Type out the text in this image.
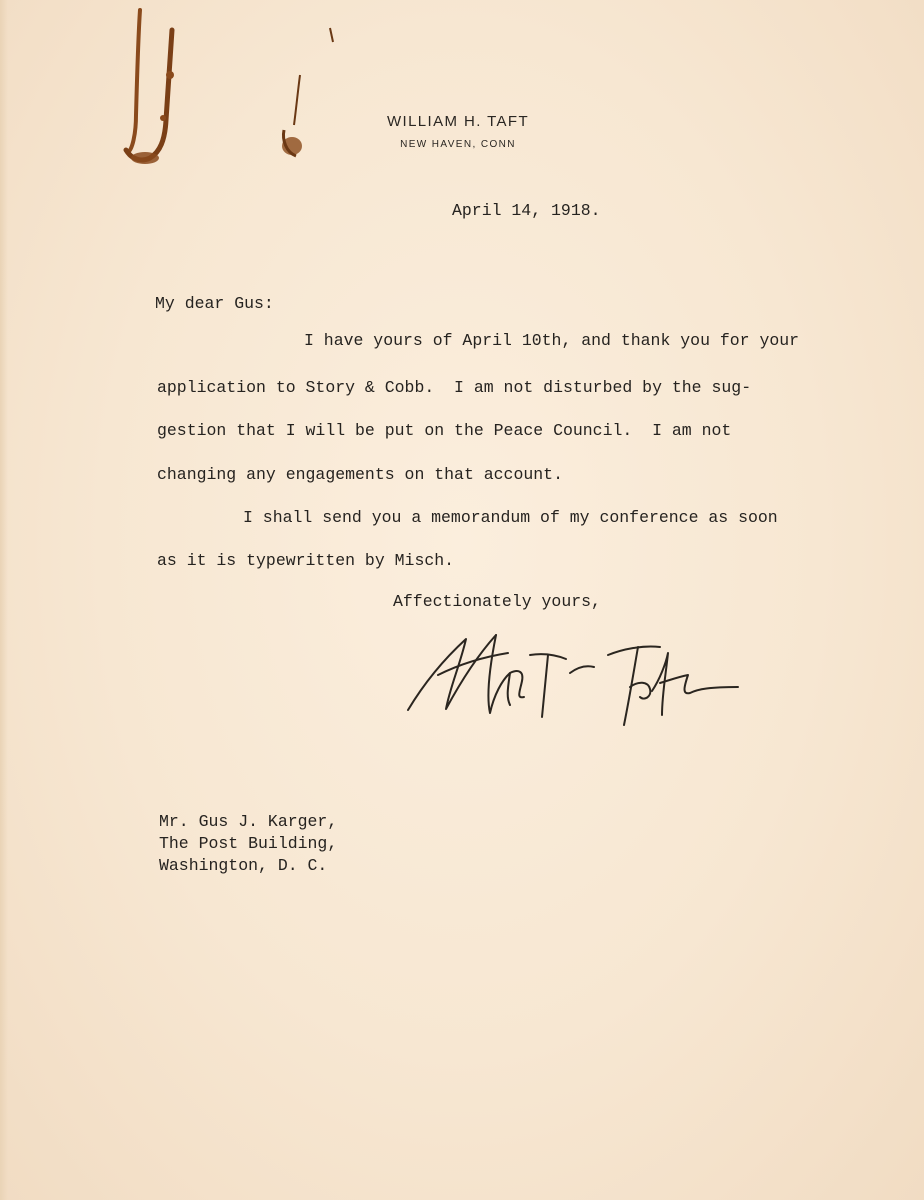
WILLIAM H. TAFT
NEW HAVEN, CONN
April 14, 1918.
My dear Gus:
I have yours of April 10th, and thank you for your
application to Story & Cobb.  I am not disturbed by the sug-
gestion that I will be put on the Peace Council.  I am not
changing any engagements on that account.
I shall send you a memorandum of my conference as soon
as it is typewritten by Misch.
Affectionately yours,
Mr. Gus J. Karger,
The Post Building,
Washington, D. C.
